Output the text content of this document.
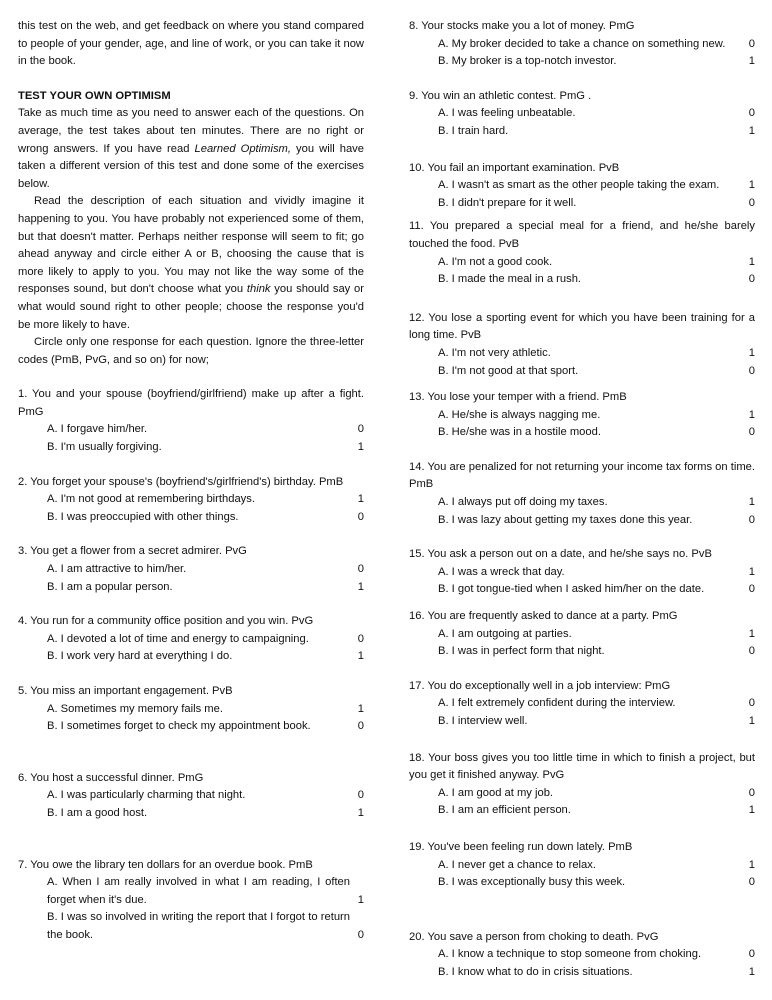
this test on the web, and get feedback on where you stand compared to people of your gender, age, and line of work, or you can take it now in the book.

TEST YOUR OWN OPTIMISM

Take as much time as you need to answer each of the questions. On average, the test takes about ten minutes. There are no right or wrong answers. If you have read Learned Optimism, you will have taken a different version of this test and done some of the exercises below.

Read the description of each situation and vividly imagine it happening to you. You have probably not experienced some of them, but that doesn't matter. Perhaps neither response will seem to fit; go ahead anyway and circle either A or B, choosing the cause that is more likely to apply to you. You may not like the way some of the responses sound, but don't choose what you think you should say or what would sound right to other people; choose the response you'd be more likely to have.

Circle only one response for each question. Ignore the three-letter codes (PmB, PvG, and so on) for now;

1. You and your spouse (boyfriend/girlfriend) make up after a fight. PmG
A. I forgave him/her.	0
B. I'm usually forgiving.	1
2. You forget your spouse's (boyfriend's/girlfriend's) birthday. PmB
A. I'm not good at remembering birthdays.	1
B. I was preoccupied with other things.	0
3. You get a flower from a secret admirer. PvG
A. I am attractive to him/her.	0
B. I am a popular person.	1
4. You run for a community office position and you win. PvG
A. I devoted a lot of time and energy to campaigning.	0
B. I work very hard at everything I do.	1
5. You miss an important engagement. PvB
A. Sometimes my memory fails me.	1
B. I sometimes forget to check my appointment book.	0
6. You host a successful dinner. PmG
A. I was particularly charming that night.	0
B. I am a good host.	1
7. You owe the library ten dollars for an overdue book. PmB
A. When I am really involved in what I am reading, I often forget when it's due.	1
B. I was so involved in writing the report that I forgot to return the book.	0
8. Your stocks make you a lot of money. PmG
A. My broker decided to take a chance on something new.	0
B. My broker is a top-notch investor.	1
9. You win an athletic contest. PmG .
A. I was feeling unbeatable.	0
B. I train hard.	1
10. You fail an important examination. PvB
A. I wasn't as smart as the other people taking the exam.	1
B. I didn't prepare for it well.	0
11. You prepared a special meal for a friend, and he/she barely touched the food. PvB
A. I'm not a good cook.	1
B. I made the meal in a rush.	0
12. You lose a sporting event for which you have been training for a long time. PvB
A. I'm not very athletic.	1
B. I'm not good at that sport.	0
13. You lose your temper with a friend. PmB
A. He/she is always nagging me.	1
B. He/she was in a hostile mood.	0
14. You are penalized for not returning your income tax forms on time. PmB
A. I always put off doing my taxes.	1
B. I was lazy about getting my taxes done this year.	0
15. You ask a person out on a date, and he/she says no. PvB
A. I was a wreck that day.	1
B. I got tongue-tied when I asked him/her on the date.	0
16. You are frequently asked to dance at a party. PmG
A. I am outgoing at parties.	1
B. I was in perfect form that night.	0
17. You do exceptionally well in a job interview: PmG
A. I felt extremely confident during the interview.	0
B. I interview well.	1
18. Your boss gives you too little time in which to finish a project, but you get it finished anyway. PvG
A. I am good at my job.	0
B. I am an efficient person.	1
19. You've been feeling run down lately. PmB
A. I never get a chance to relax.	1
B. I was exceptionally busy this week.	0
20. You save a person from choking to death. PvG
A. I know a technique to stop someone from choking.	0
B. I know what to do in crisis situations.	1
